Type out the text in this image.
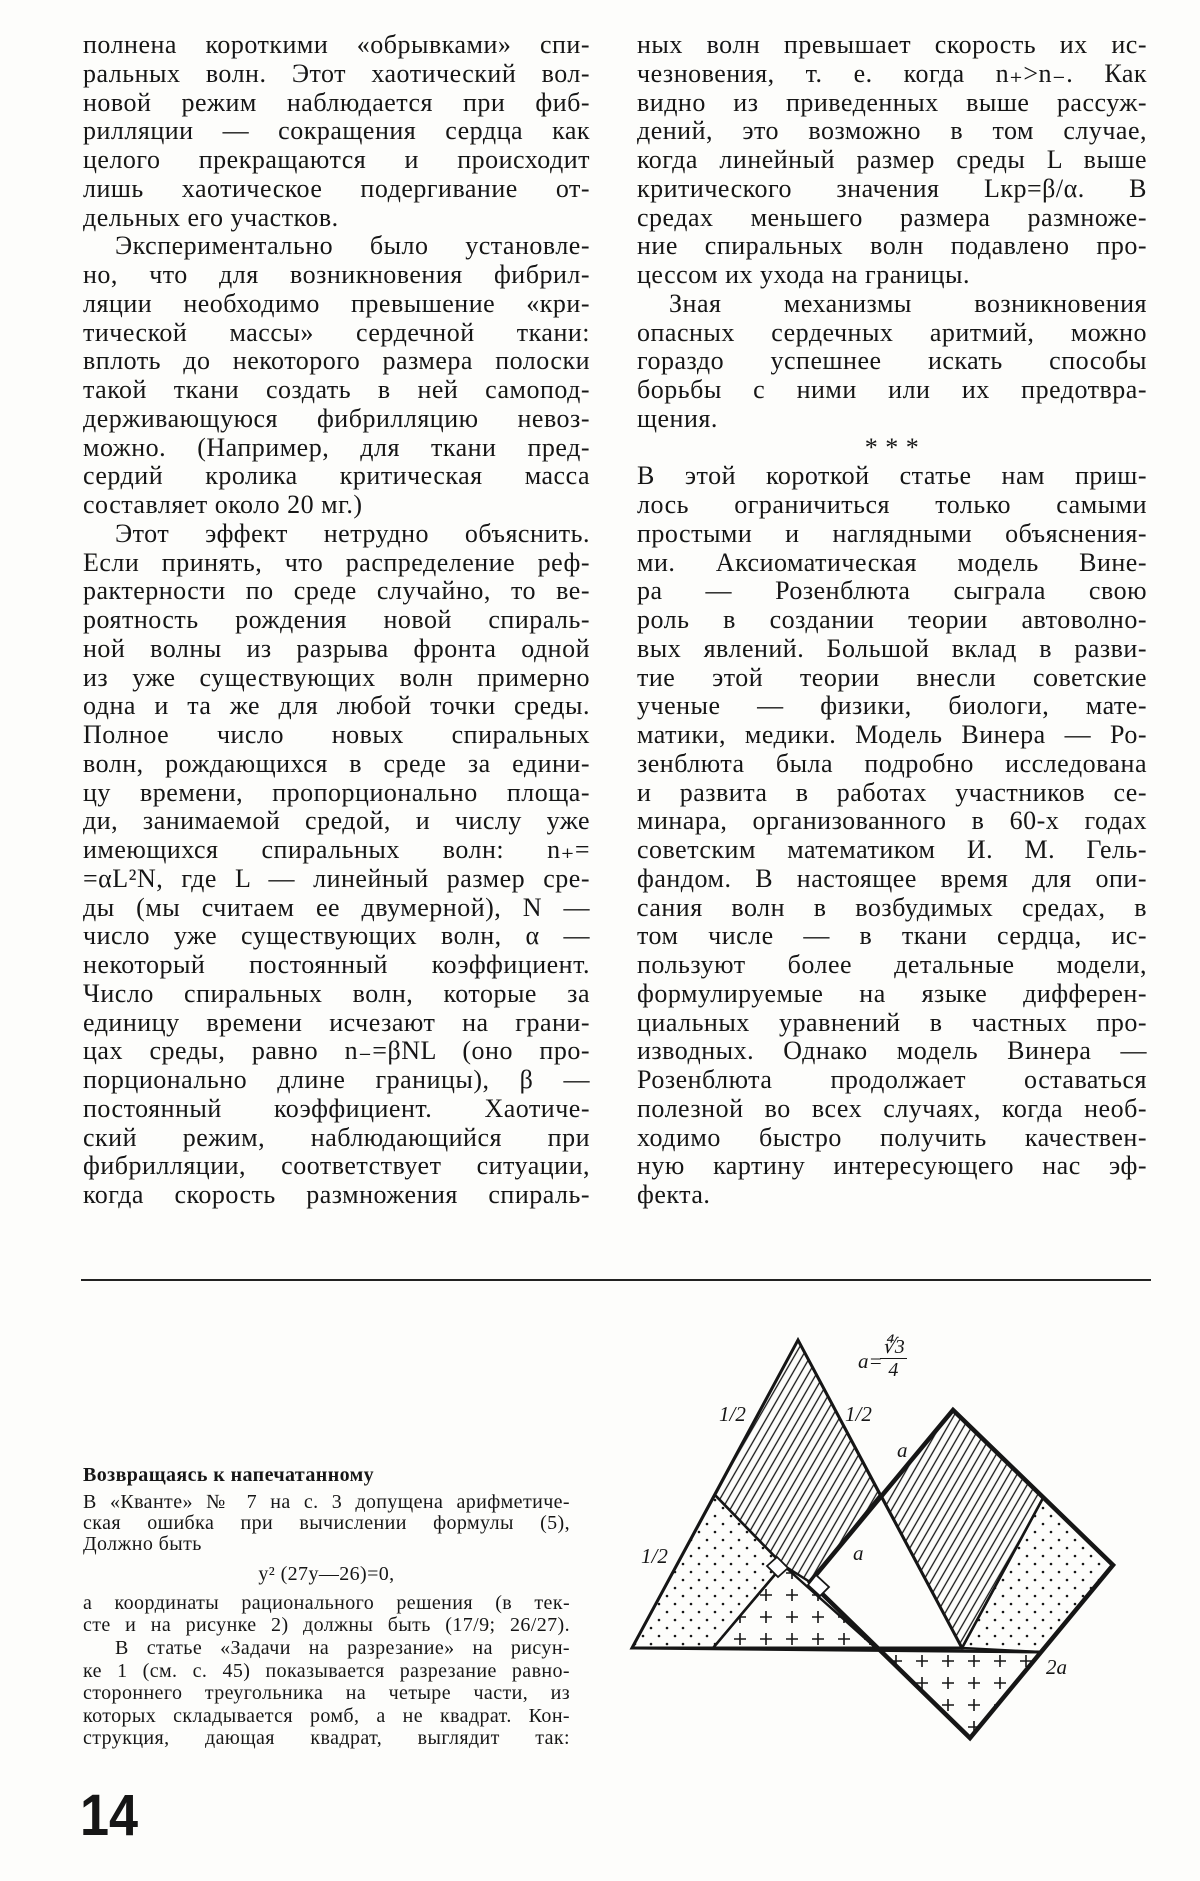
полнена короткими «обрывками» спи-
ральных волн. Этот хаотический вол-
новой режим наблюдается при фиб-
рилляции — сокращения сердца как
целого прекращаются и происходит
лишь хаотическое подергивание от-
дельных его участков.
Экспериментально было установле-
но, что для возникновения фибрил-
ляции необходимо превышение «кри-
тической массы» сердечной ткани:
вплоть до некоторого размера полоски
такой ткани создать в ней самопод-
держивающуюся фибрилляцию невоз-
можно. (Например, для ткани пред-
сердий кролика критическая масса
составляет около 20 мг.)
Этот эффект нетрудно объяснить.
Если принять, что распределение реф-
рактерности по среде случайно, то ве-
роятность рождения новой спираль-
ной волны из разрыва фронта одной
из уже существующих волн примерно
одна и та же для любой точки среды.
Полное число новых спиральных
волн, рождающихся в среде за едини-
цу времени, пропорционально площа-
ди, занимаемой средой, и числу уже
имеющихся спиральных волн: n₊=
=αL²N, где L — линейный размер сре-
ды (мы считаем ее двумерной), N —
число уже существующих волн, α —
некоторый постоянный коэффициент.
Число спиральных волн, которые за
единицу времени исчезают на грани-
цах среды, равно n₋=βNL (оно про-
порционально длине границы), β —
постоянный коэффициент. Хаотиче-
ский режим, наблюдающийся при
фибрилляции, соответствует ситуации,
когда скорость размножения спираль-
ных волн превышает скорость их ис-
чезновения, т. е. когда n₊>n₋. Как
видно из приведенных выше рассуж-
дений, это возможно в том случае,
когда линейный размер среды L выше
критического значения Lкр=β/α. В
средах меньшего размера размноже-
ние спиральных волн подавлено про-
цессом их ухода на границы.
Зная механизмы возникновения
опасных сердечных аритмий, можно
гораздо успешнее искать способы
борьбы с ними или их предотвра-
щения.
* * *
В этой короткой статье нам приш-
лось ограничиться только самыми
простыми и наглядными объяснения-
ми. Аксиоматическая модель Вине-
ра — Розенблюта сыграла свою
роль в создании теории автоволно-
вых явлений. Большой вклад в разви-
тие этой теории внесли советские
ученые — физики, биологи, мате-
матики, медики. Модель Винера — Ро-
зенблюта была подробно исследована
и развита в работах участников се-
минара, организованного в 60-х годах
советским математиком И. М. Гель-
фандом. В настоящее время для опи-
сания волн в возбудимых средах, в
том числе — в ткани сердца, ис-
пользуют более детальные модели,
формулируемые на языке дифферен-
циальных уравнений в частных про-
изводных. Однако модель Винера —
Розенблюта продолжает оставаться
полезной во всех случаях, когда необ-
ходимо быстро получить качествен-
ную картину интересующего нас эф-
фекта.
Возвращаясь к напечатанному
В «Кванте» № 7 на с. 3 допущена арифметиче-
ская ошибка при вычислении формулы (5),
Должно быть
y² (27y—26)=0,
а координаты рационального решения (в тек-
сте и на рисунке 2) должны быть (17/9; 26/27).
В статье «Задачи на разрезание» на рисун-
ке 1 (см. с. 45) показывается разрезание равно-
стороннего треугольника на четыре части, из
которых складывается ромб, а не квадрат. Кон-
струкция, дающая квадрат, выглядит так:
a=
$\frac{∜3}{4}$
1/2	1/2
a
1/2	a
2a
14
